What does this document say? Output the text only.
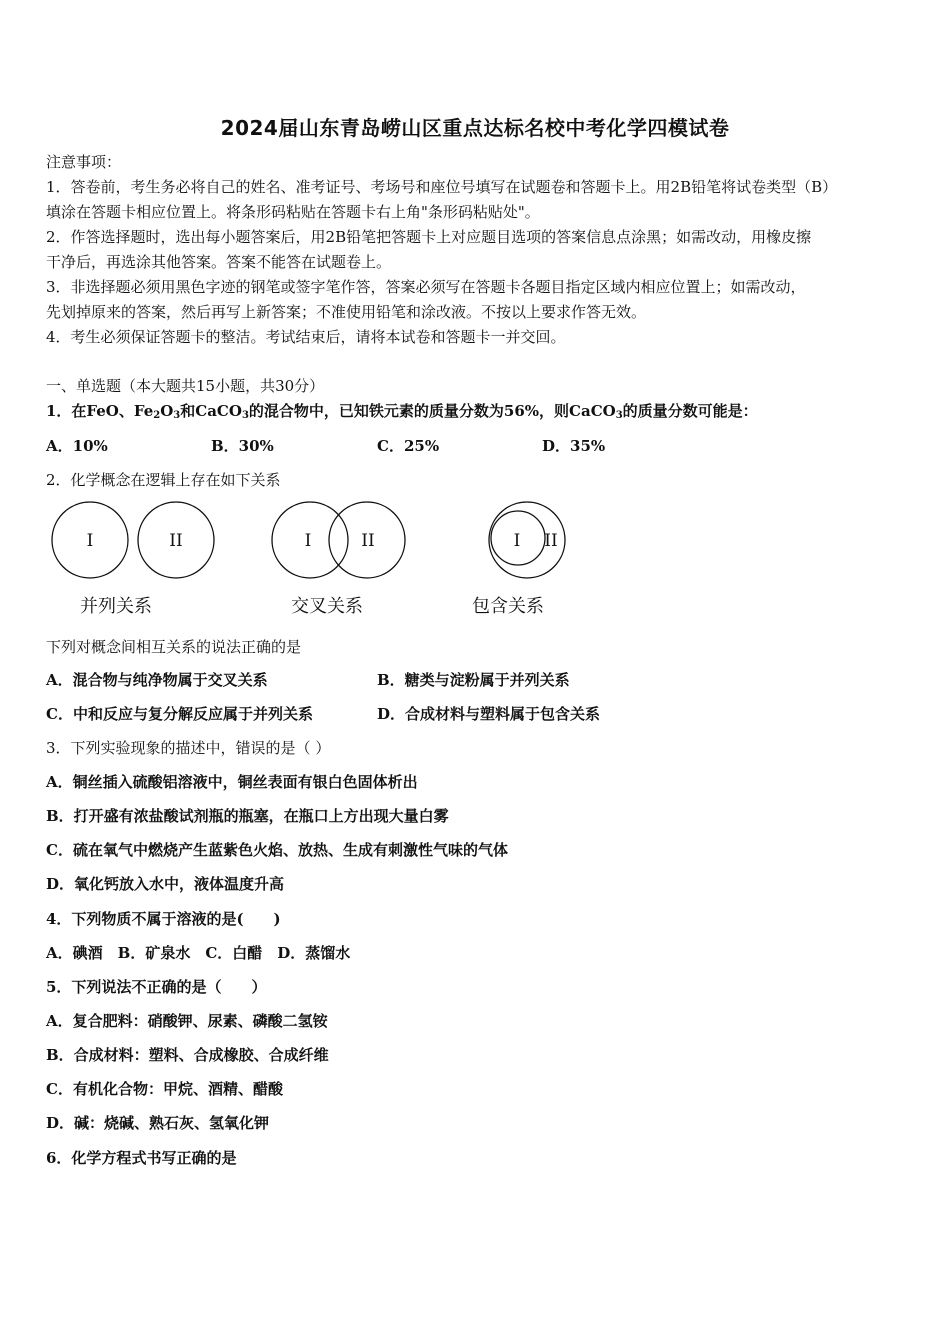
2024届山东青岛崂山区重点达标名校中考化学四模试卷
注意事项：
1．答卷前，考生务必将自己的姓名、准考证号、考场号和座位号填写在试题卷和答题卡上。用2B铅笔将试卷类型（B）
填涂在答题卡相应位置上。将条形码粘贴在答题卡右上角"条形码粘贴处"。
2．作答选择题时，选出每小题答案后，用2B铅笔把答题卡上对应题目选项的答案信息点涂黑；如需改动，用橡皮擦
干净后，再选涂其他答案。答案不能答在试题卷上。
3．非选择题必须用黑色字迹的钢笔或签字笔作答，答案必须写在答题卡各题目指定区域内相应位置上；如需改动，
先划掉原来的答案，然后再写上新答案；不准使用铅笔和涂改液。不按以上要求作答无效。
4．考生必须保证答题卡的整洁。考试结束后，请将本试卷和答题卡一并交回。
一、单选题（本大题共15小题，共30分）
1．在FeO、$Fe_2O_3$和CaCO$_3$的混合物中，已知铁元素的质量分数为56%，则CaCO$_3$的质量分数可能是：
A．10%	B．30%	C．25%	D．35%
2．化学概念在逻辑上存在如下关系
I	II	I	II	I II
并列关系	交叉关系	包含关系
下列对概念间相互关系的说法正确的是
A．混合物与纯净物属于交叉关系	B．糖类与淀粉属于并列关系
C．中和反应与复分解反应属于并列关系	D．合成材料与塑料属于包含关系
3．下列实验现象的描述中，错误的是（ ）
A．铜丝插入硫酸铝溶液中，铜丝表面有银白色固体析出
B．打开盛有浓盐酸试剂瓶的瓶塞，在瓶口上方出现大量白雾
C．硫在氧气中燃烧产生蓝紫色火焰、放热、生成有刺激性气味的气体
D．氧化钙放入水中，液体温度升高
4．下列物质不属于溶液的是(　　)
A．碘酒　B．矿泉水　C．白醋　D．蒸馏水
5．下列说法不正确的是（　　）
A．复合肥料：硝酸钾、尿素、磷酸二氢铵
B．合成材料：塑料、合成橡胶、合成纤维
C．有机化合物：甲烷、酒精、醋酸
D．碱：烧碱、熟石灰、氢氧化钾
6．化学方程式书写正确的是
